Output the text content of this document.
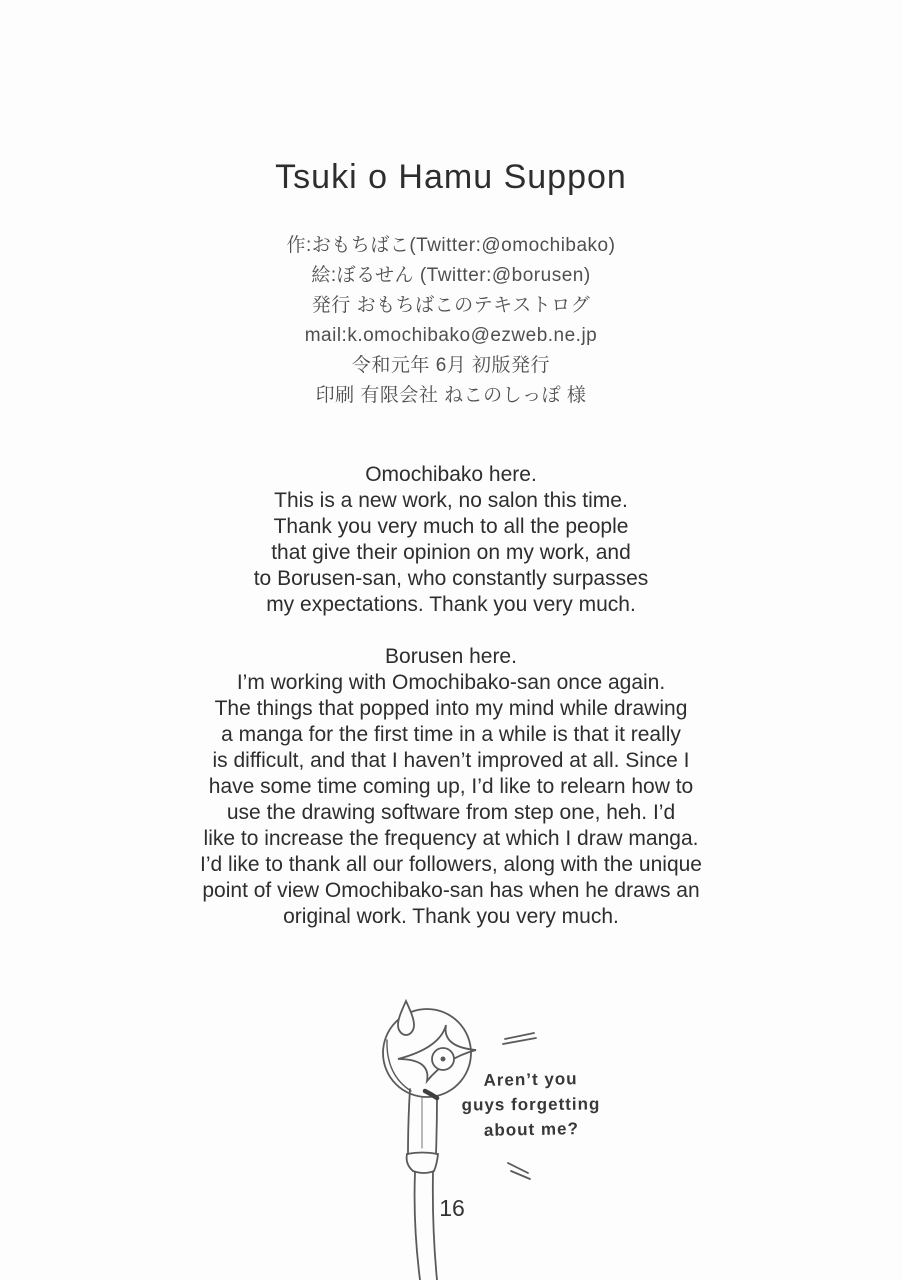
Tsuki o Hamu Suppon
作:おもちばこ(Twitter:@omochibako)
絵:ぼるせん (Twitter:@borusen)
発行 おもちばこのテキストログ
mail:k.omochibako@ezweb.ne.jp
令和元年 6月 初版発行
印刷 有限会社 ねこのしっぽ 様
Omochibako here.
This is a new work, no salon this time.
Thank you very much to all the people
that give their opinion on my work, and
to Borusen-san, who constantly surpasses
my expectations. Thank you very much.
Borusen here.
I’m working with Omochibako-san once again.
The things that popped into my mind while drawing
a manga for the first time in a while is that it really
is difficult, and that I haven’t improved at all. Since I
have some time coming up, I’d like to relearn how to
use the drawing software from step one, heh. I’d
like to increase the frequency at which I draw manga.
I’d like to thank all our followers, along with the unique
point of view Omochibako-san has when he draws an
original work. Thank you very much.
Aren’t you
guys forgetting
about me?
16
